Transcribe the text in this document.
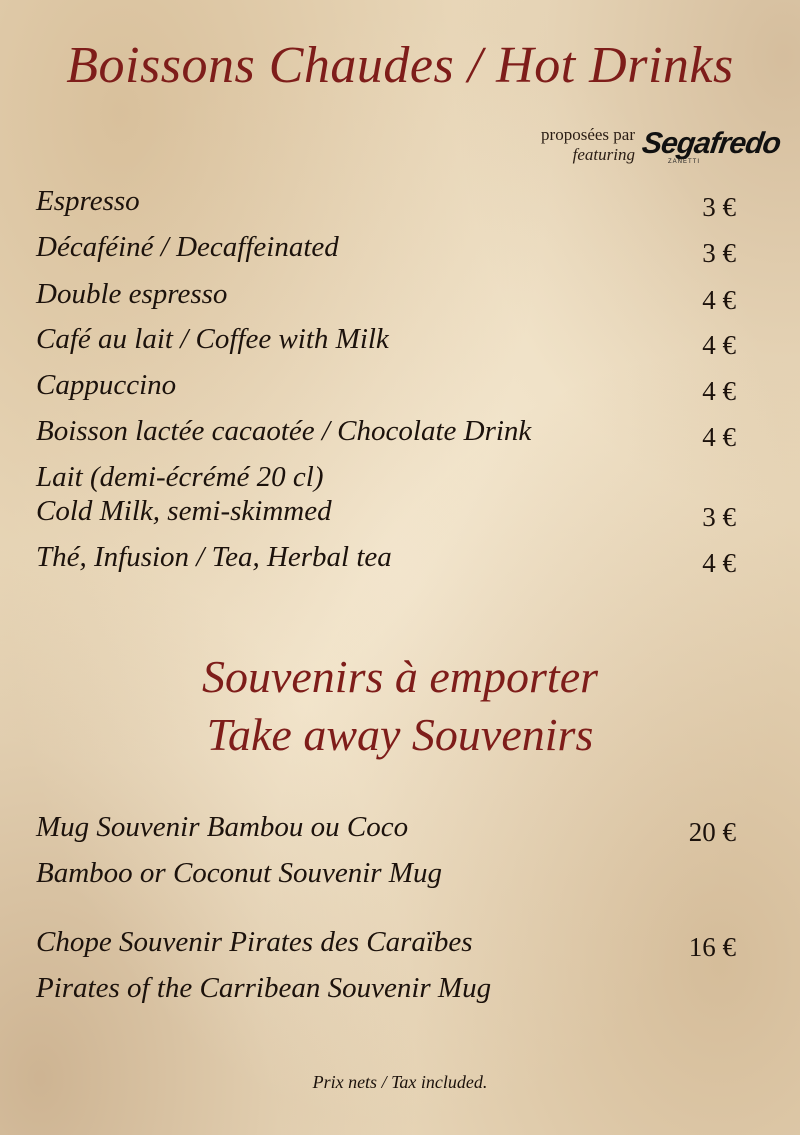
Boissons Chaudes / Hot Drinks
proposées par
featuring Segafredo
ZANETTI
Espresso	3 €
Décaféiné / Decaffeinated	3 €
Double espresso	4 €
Café au lait / Coffee with Milk	4 €
Cappuccino	4 €
Boisson lactée cacaotée / Chocolate Drink	4 €
Lait (demi-écrémé 20 cl)
Cold Milk, semi-skimmed	3 €
Thé, Infusion / Tea, Herbal tea	4 €
Souvenirs à emporter
Take away Souvenirs
Mug Souvenir Bambou ou Coco	20 €
Bamboo or Coconut Souvenir Mug
Chope Souvenir Pirates des Caraïbes	16 €
Pirates of the Carribean Souvenir Mug
Prix nets / Tax included.
